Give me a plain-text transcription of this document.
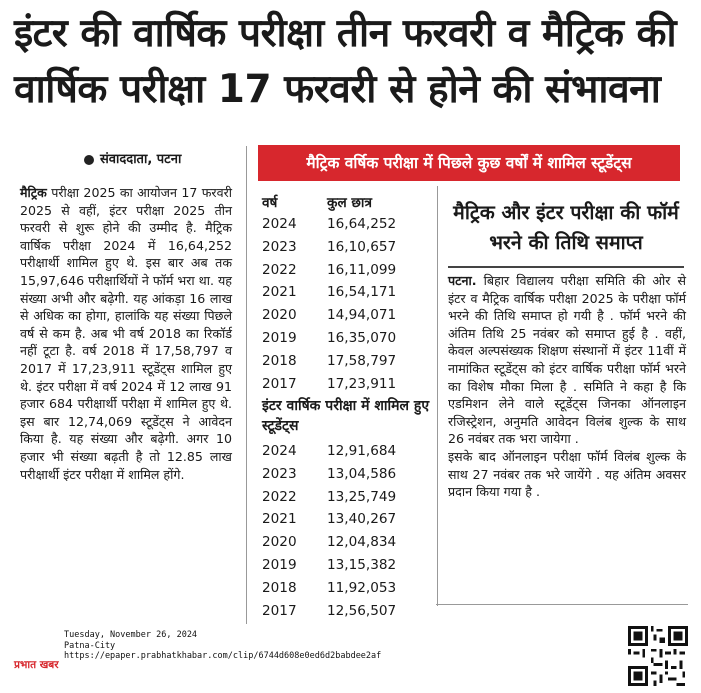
इंटर की वार्षिक परीक्षा तीन फरवरी व मैट्रिक की
वार्षिक परीक्षा 17 फरवरी से होने की संभावना
संवाददाता, पटना
मैट्रिक परीक्षा 2025 का आयोजन 17 फरवरी 2025 से वहीं, इंटर परीक्षा 2025 तीन फरवरी से शुरू होने की उम्मीद है. मैट्रिक वार्षिक परीक्षा 2024 में 16,64,252 परीक्षार्थी शामिल हुए थे. इस बार अब तक 15,97,646 परीक्षार्थियों ने फॉर्म भरा था. यह संख्या अभी और बढ़ेगी. यह आंकड़ा 16 लाख से अधिक का होगा, हालांकि यह संख्या पिछले वर्ष से कम है. अब भी वर्ष 2018 का रिकॉर्ड नहीं टूटा है. वर्ष 2018 में 17,58,797 व 2017 में 17,23,911 स्टूडेंट्स शामिल हुए थे. इंटर परीक्षा में वर्ष 2024 में 12 लाख 91 हजार 684 परीक्षार्थी परीक्षा में शामिल हुए थे. इस बार 12,74,069 स्टूडेंट्स ने आवेदन किया है. यह संख्या और बढ़ेगी. अगर 10 हजार भी संख्या बढ़ती है तो 12.85 लाख परीक्षार्थी इंटर परीक्षा में शामिल होंगे.
मैट्रिक वर्षिक परीक्षा में पिछले कुछ वर्षों में शामिल स्टूडेंट्स
वर्ष	कुल छात्र
2024	16,64,252
2023	16,10,657
2022	16,11,099
2021	16,54,171
2020	14,94,071
2019	16,35,070
2018	17,58,797
2017	17,23,911
इंटर वार्षिक परीक्षा में शामिल हुए स्टूडेंट्स
2024	12,91,684
2023	13,04,586
2022	13,25,749
2021	13,40,267
2020	12,04,834
2019	13,15,382
2018	11,92,053
2017	12,56,507
मैट्रिक और इंटर परीक्षा की फॉर्म भरने की तिथि समाप्त
पटना. बिहार विद्यालय परीक्षा समिति की ओर से इंटर व मैट्रिक वार्षिक परीक्षा 2025 के परीक्षा फॉर्म भरने की तिथि समाप्त हो गयी है . फॉर्म भरने की अंतिम तिथि 25 नवंबर को समाप्त हुई है . वहीं, केवल अल्पसंख्यक शिक्षण संस्थानों में इंटर 11वीं में नामांकित स्टूडेंट्स को इंटर वार्षिक परीक्षा फॉर्म भरने का विशेष मौका मिला है . समिति ने कहा है कि एडमिशन लेने वाले स्टूडेंट्स जिनका ऑनलाइन रजिस्ट्रेशन, अनुमति आवेदन विलंब शुल्क के साथ 26 नवंबर तक भरा जायेगा .
इसके बाद ऑनलाइन परीक्षा फॉर्म विलंब शुल्क के साथ 27 नवंबर तक भरे जायेंगे . यह अंतिम अवसर प्रदान किया गया है .
प्रभात खबर
Tuesday, November 26, 2024
Patna-City
https://epaper.prabhatkhabar.com/clip/6744d608e0ed6d2babdee2af
